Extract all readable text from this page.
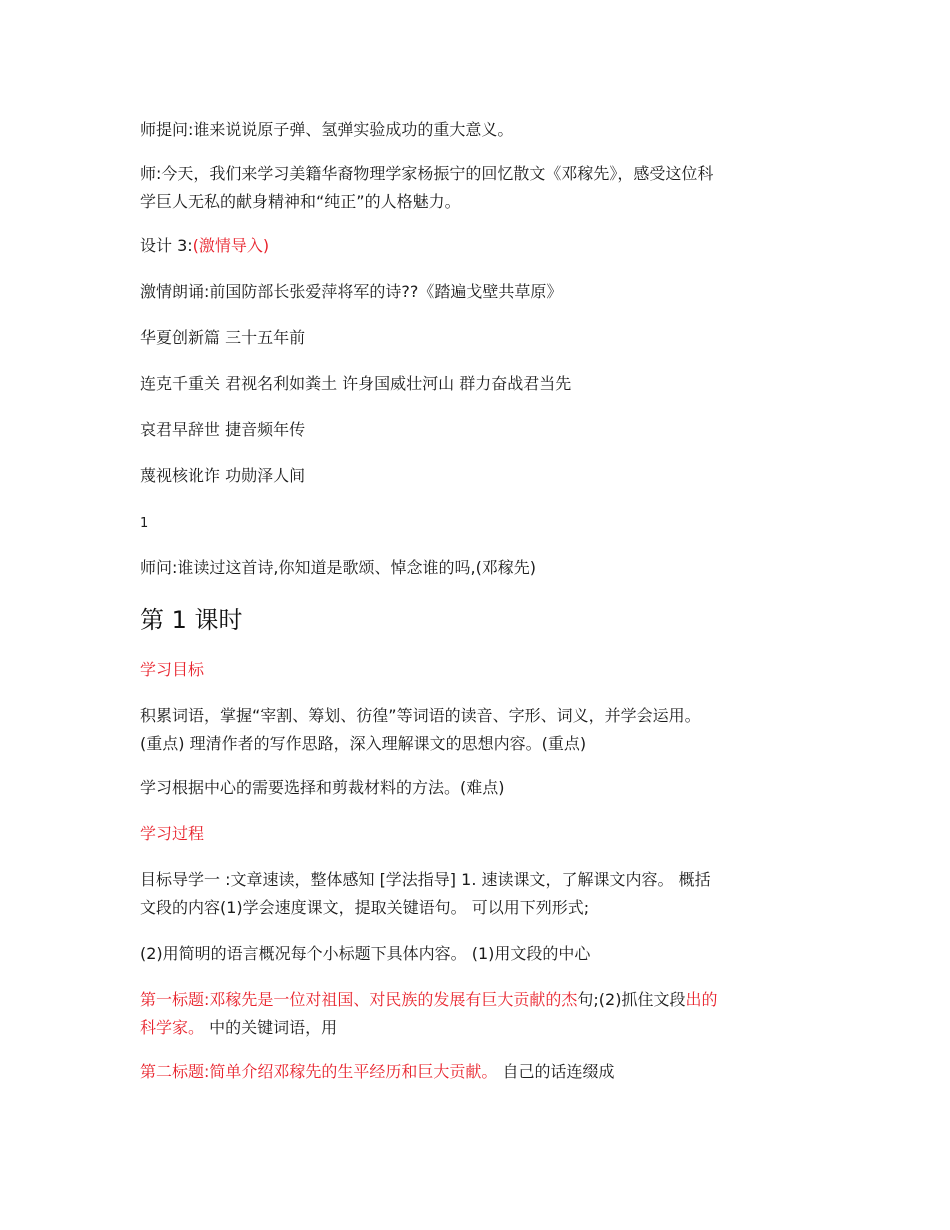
师提问:谁来说说原子弹、氢弹实验成功的重大意义。
师:今天，我们来学习美籍华裔物理学家杨振宁的回忆散文《邓稼先》，感受这位科
学巨人无私的献身精神和“纯正”的人格魅力。
设计 3:(激情导入)
激情朗诵:前国防部长张爱萍将军的诗??《踏遍戈壁共草原》
华夏创新篇 三十五年前
连克千重关 君视名利如粪土 许身国威壮河山 群力奋战君当先
哀君早辞世 捷音频年传
蔑视核讹诈 功勋泽人间
1
师问:谁读过这首诗,你知道是歌颂、悼念谁的吗,(邓稼先)
第 1 课时
学习目标
积累词语，掌握“宰割、筹划、彷徨”等词语的读音、字形、词义，并学会运用。
(重点) 理清作者的写作思路，深入理解课文的思想内容。(重点)
学习根据中心的需要选择和剪裁材料的方法。(难点)
学习过程
目标导学一 :文章速读，整体感知 [学法指导] 1. 速读课文，了解课文内容。 概括
文段的内容(1)学会速度课文，提取关键语句。 可以用下列形式;
(2)用简明的语言概况每个小标题下具体内容。 (1)用文段的中心
第一标题:邓稼先是一位对祖国、对民族的发展有巨大贡献的杰句;(2)抓住文段出的
科学家。 中的关键词语，用
第二标题:简单介绍邓稼先的生平经历和巨大贡献。 自己的话连缀成
